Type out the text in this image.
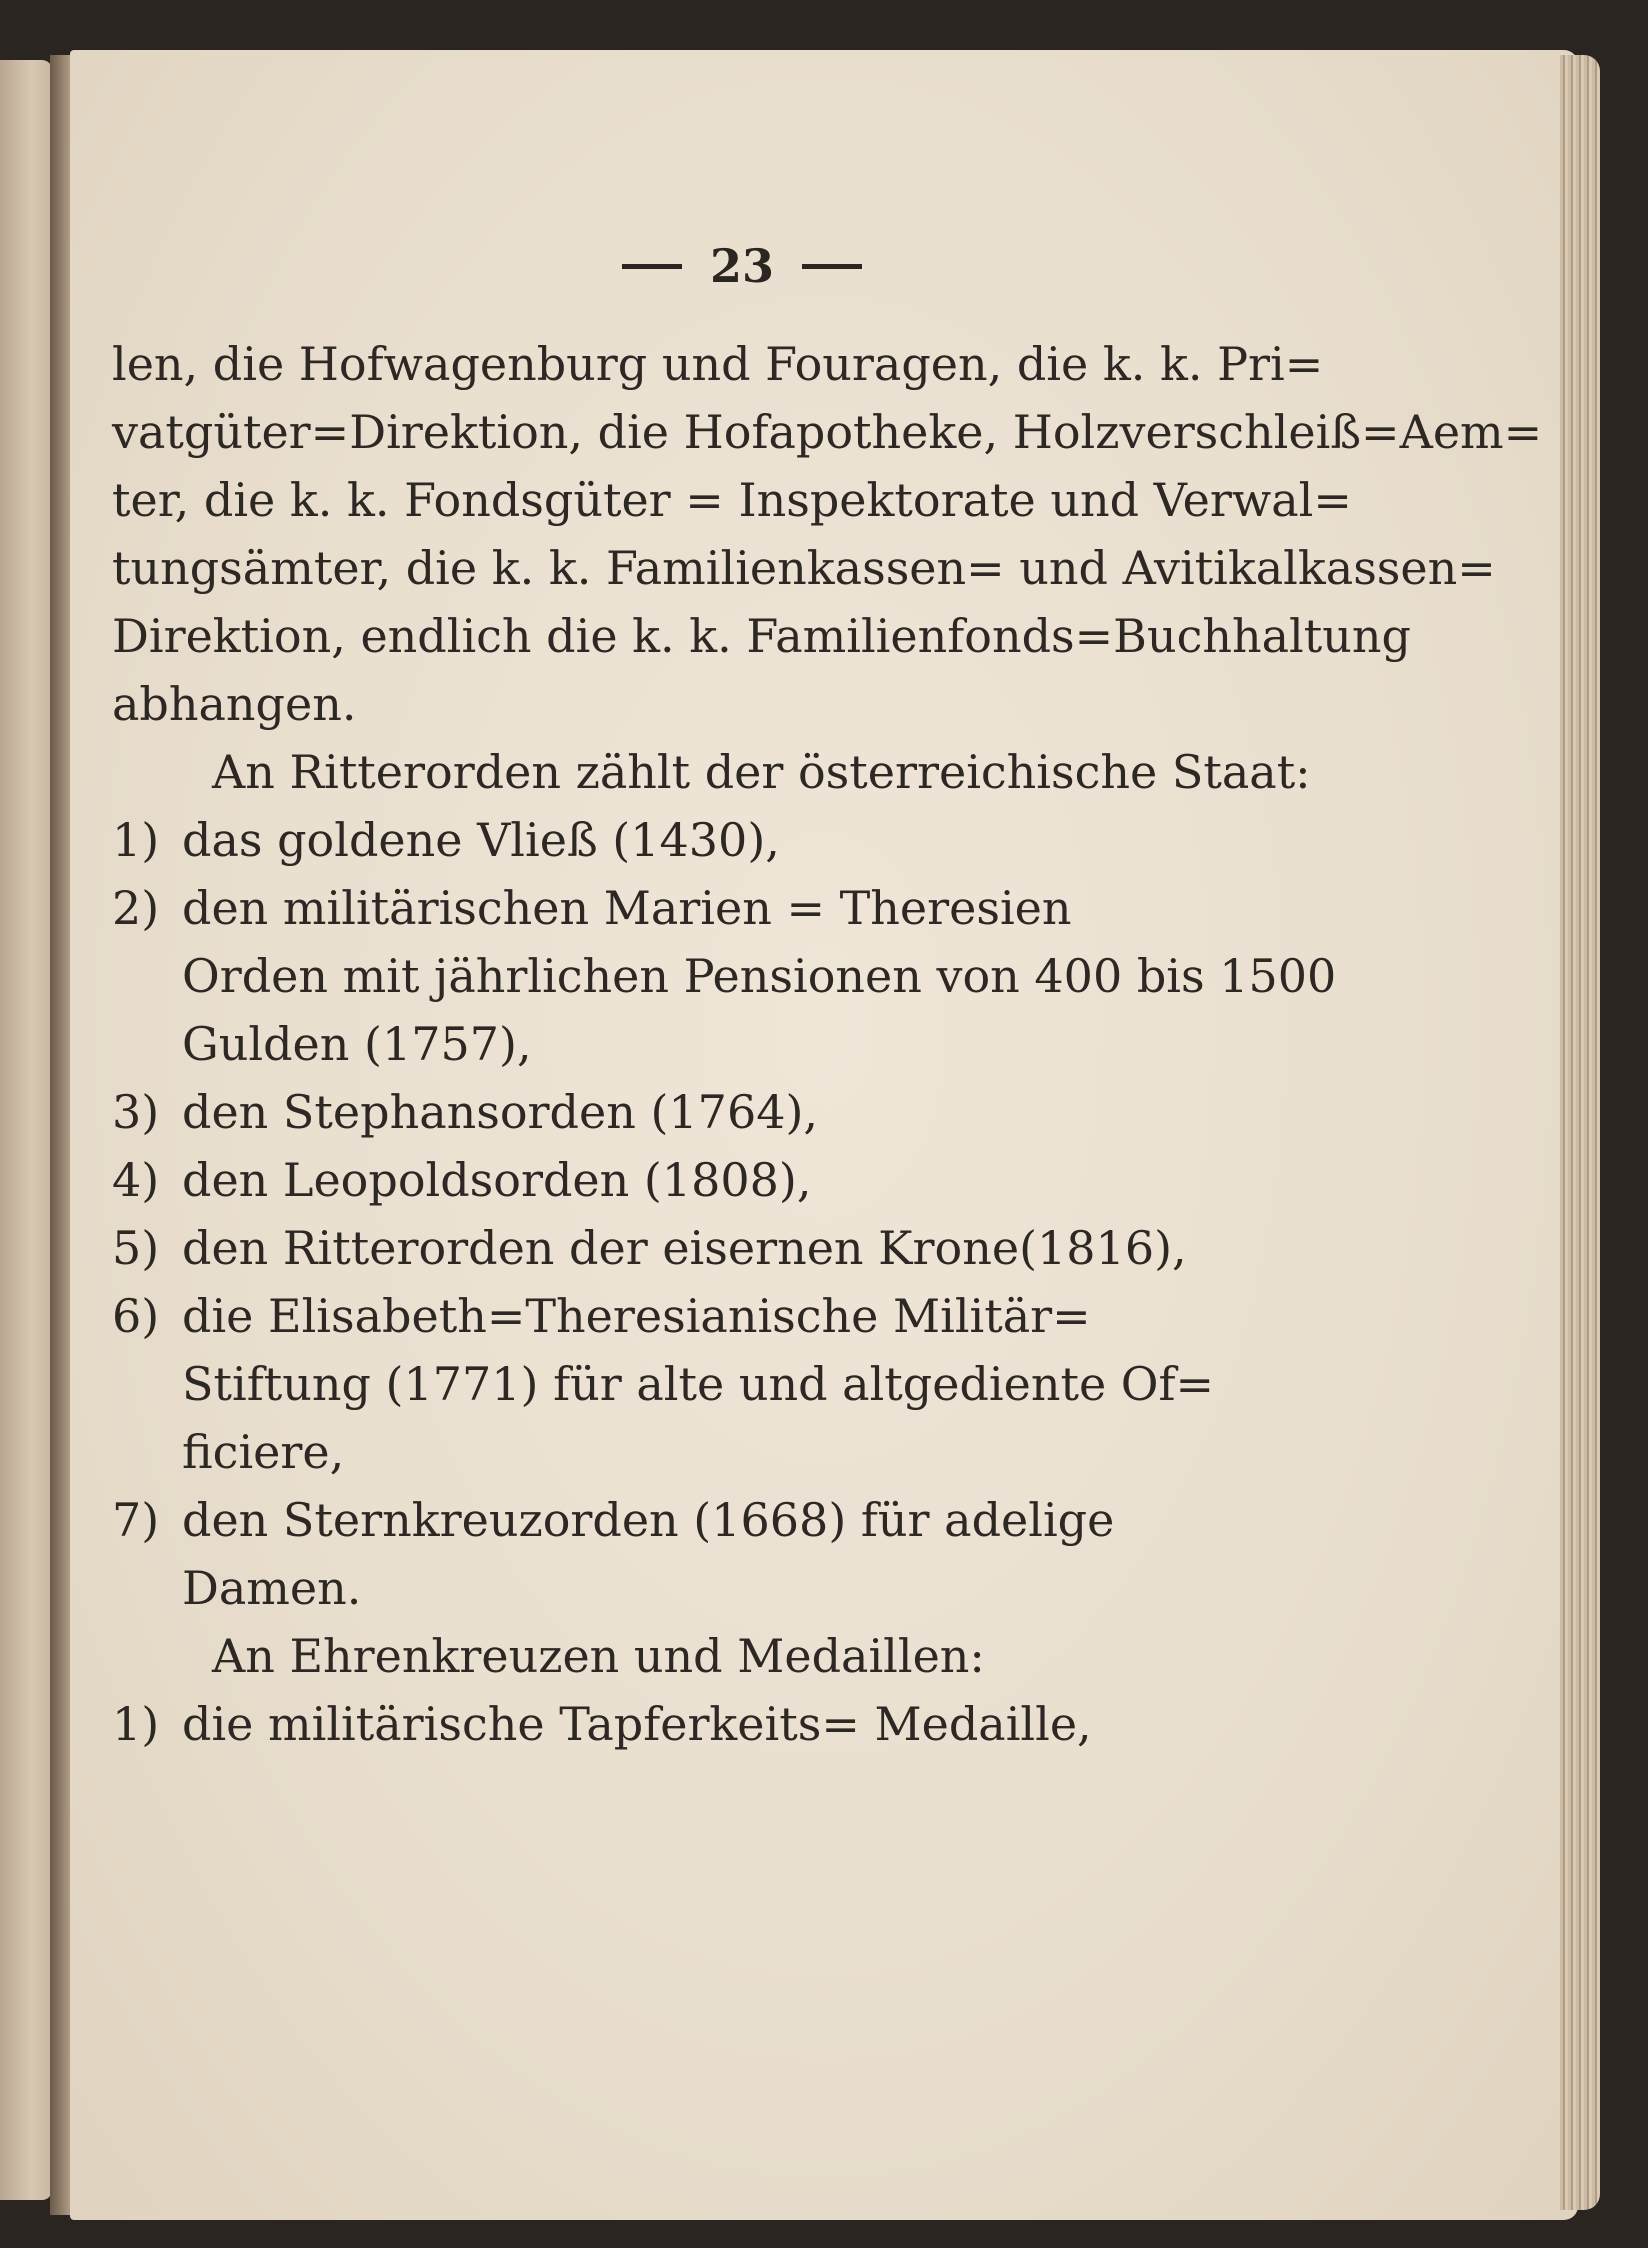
23
len, die Hofwagenburg und Fouragen, die k. k. Pri=
vatgüter=Direktion, die Hofapotheke, Holzverschleiß=Aem=
ter, die k. k. Fondsgüter = Inspektorate und Verwal=
tungsämter, die k. k. Familienkassen= und Avitikalkassen=
Direktion, endlich die k. k. Familienfonds=Buchhaltung
abhangen.
An Ritterorden zählt der österreichische Staat:
1) das goldene Vließ (1430),
2) den militärischen Marien = Theresien
Orden mit jährlichen Pensionen von 400 bis 1500
Gulden (1757),
3) den Stephansorden (1764),
4) den Leopoldsorden (1808),
5) den Ritterorden der eisernen Krone(1816),
6) die Elisabeth=Theresianische Militär=
Stiftung (1771) für alte und altgediente Of=
ficiere,
7) den Sternkreuzorden (1668) für adelige
Damen.
An Ehrenkreuzen und Medaillen:
1) die militärische Tapferkeits= Medaille,
